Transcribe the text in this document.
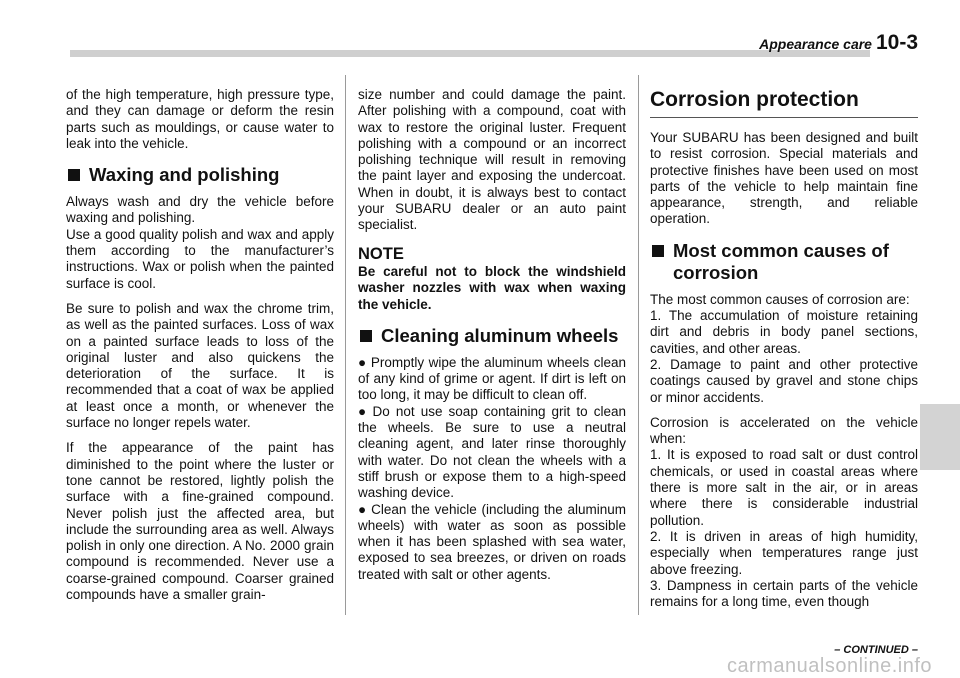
Appearance care 10-3

of the high temperature, high pressure type, and they can damage or deform the resin parts such as mouldings, or cause water to leak into the vehicle.

Waxing and polishing

Always wash and dry the vehicle before waxing and polishing.

Use a good quality polish and wax and apply them according to the manufacturer’s instructions. Wax or polish when the painted surface is cool.

Be sure to polish and wax the chrome trim, as well as the painted surfaces. Loss of wax on a painted surface leads to loss of the original luster and also quickens the deterioration of the surface. It is recommended that a coat of wax be applied at least once a month, or whenever the surface no longer repels water.

If the appearance of the paint has diminished to the point where the luster or tone cannot be restored, lightly polish the surface with a fine-grained compound. Never polish just the affected area, but include the surrounding area as well. Always polish in only one direction. A No. 2000 grain compound is recommended. Never use a coarse-grained compound. Coarser grained compounds have a smaller grain-

size number and could damage the paint. After polishing with a compound, coat with wax to restore the original luster. Frequent polishing with a compound or an incorrect polishing technique will result in removing the paint layer and exposing the undercoat. When in doubt, it is always best to contact your SUBARU dealer or an auto paint specialist.

NOTE

Be careful not to block the windshield washer nozzles with wax when waxing the vehicle.

Cleaning aluminum wheels

● Promptly wipe the aluminum wheels clean of any kind of grime or agent. If dirt is left on too long, it may be difficult to clean off.

● Do not use soap containing grit to clean the wheels. Be sure to use a neutral cleaning agent, and later rinse thoroughly with water. Do not clean the wheels with a stiff brush or expose them to a high-speed washing device.

● Clean the vehicle (including the aluminum wheels) with water as soon as possible when it has been splashed with sea water, exposed to sea breezes, or driven on roads treated with salt or other agents.

Corrosion protection

Your SUBARU has been designed and built to resist corrosion. Special materials and protective finishes have been used on most parts of the vehicle to help maintain fine appearance, strength, and reliable operation.

Most common causes of corrosion

The most common causes of corrosion are:

1. The accumulation of moisture retaining dirt and debris in body panel sections, cavities, and other areas.

2. Damage to paint and other protective coatings caused by gravel and stone chips or minor accidents.

Corrosion is accelerated on the vehicle when:

1. It is exposed to road salt or dust control chemicals, or used in coastal areas where there is more salt in the air, or in areas where there is considerable industrial pollution.

2. It is driven in areas of high humidity, especially when temperatures range just above freezing.

3. Dampness in certain parts of the vehicle remains for a long time, even though

– CONTINUED –
carmanualsonline.info
